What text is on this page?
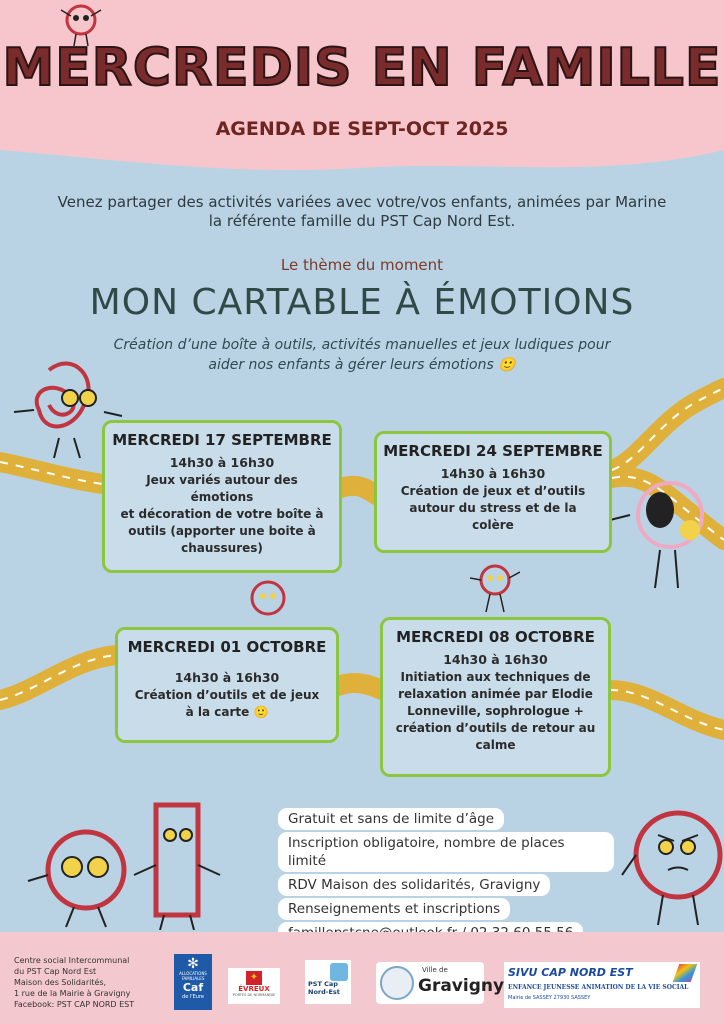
MERCREDIS EN FAMILLE
AGENDA DE SEPT-OCT 2025
Venez partager des activités variées avec votre/vos enfants, animées par Marine
la référente famille du PST Cap Nord Est.
Le thème du moment
MON CARTABLE À ÉMOTIONS
Création d’une boîte à outils, activités manuelles et jeux ludiques pour
aider nos enfants à gérer leurs émotions 🙂
MERCREDI 17 SEPTEMBRE
14h30 à 16h30
Jeux variés autour des émotions
et décoration de votre boîte à
outils (apporter une boite à
chaussures)
MERCREDI 24 SEPTEMBRE
14h30 à 16h30
Création de jeux et d’outils
autour du stress et de la
colère
MERCREDI 01 OCTOBRE
14h30 à 16h30
Création d’outils et de jeux
à la carte 🙂
MERCREDI 08 OCTOBRE
14h30 à 16h30
Initiation aux techniques de
relaxation animée par Elodie
Lonneville, sophrologue +
création d’outils de retour au
calme
Gratuit et sans de limite d’âge
Inscription obligatoire, nombre de places limité
RDV Maison des solidarités, Gravigny
Renseignements et inscriptions

Centre social Intercommunal
du PST Cap Nord Est
Maison des Solidarités,
1 rue de la Mairie à Gravigny
Facebook: PST CAP NORD EST
✻
ALLOCATIONS FAMILIALES
Caf
de l'Eure
✦
ÉVREUX
PORTES DE NORMANDIE
PST Cap Nord-Est
Ville de
Gravigny
SIVU CAP NORD EST
ENFANCE JEUNESSE ANIMATION DE LA VIE SOCIAL
Mairie de SASSEY 27930 SASSEY
